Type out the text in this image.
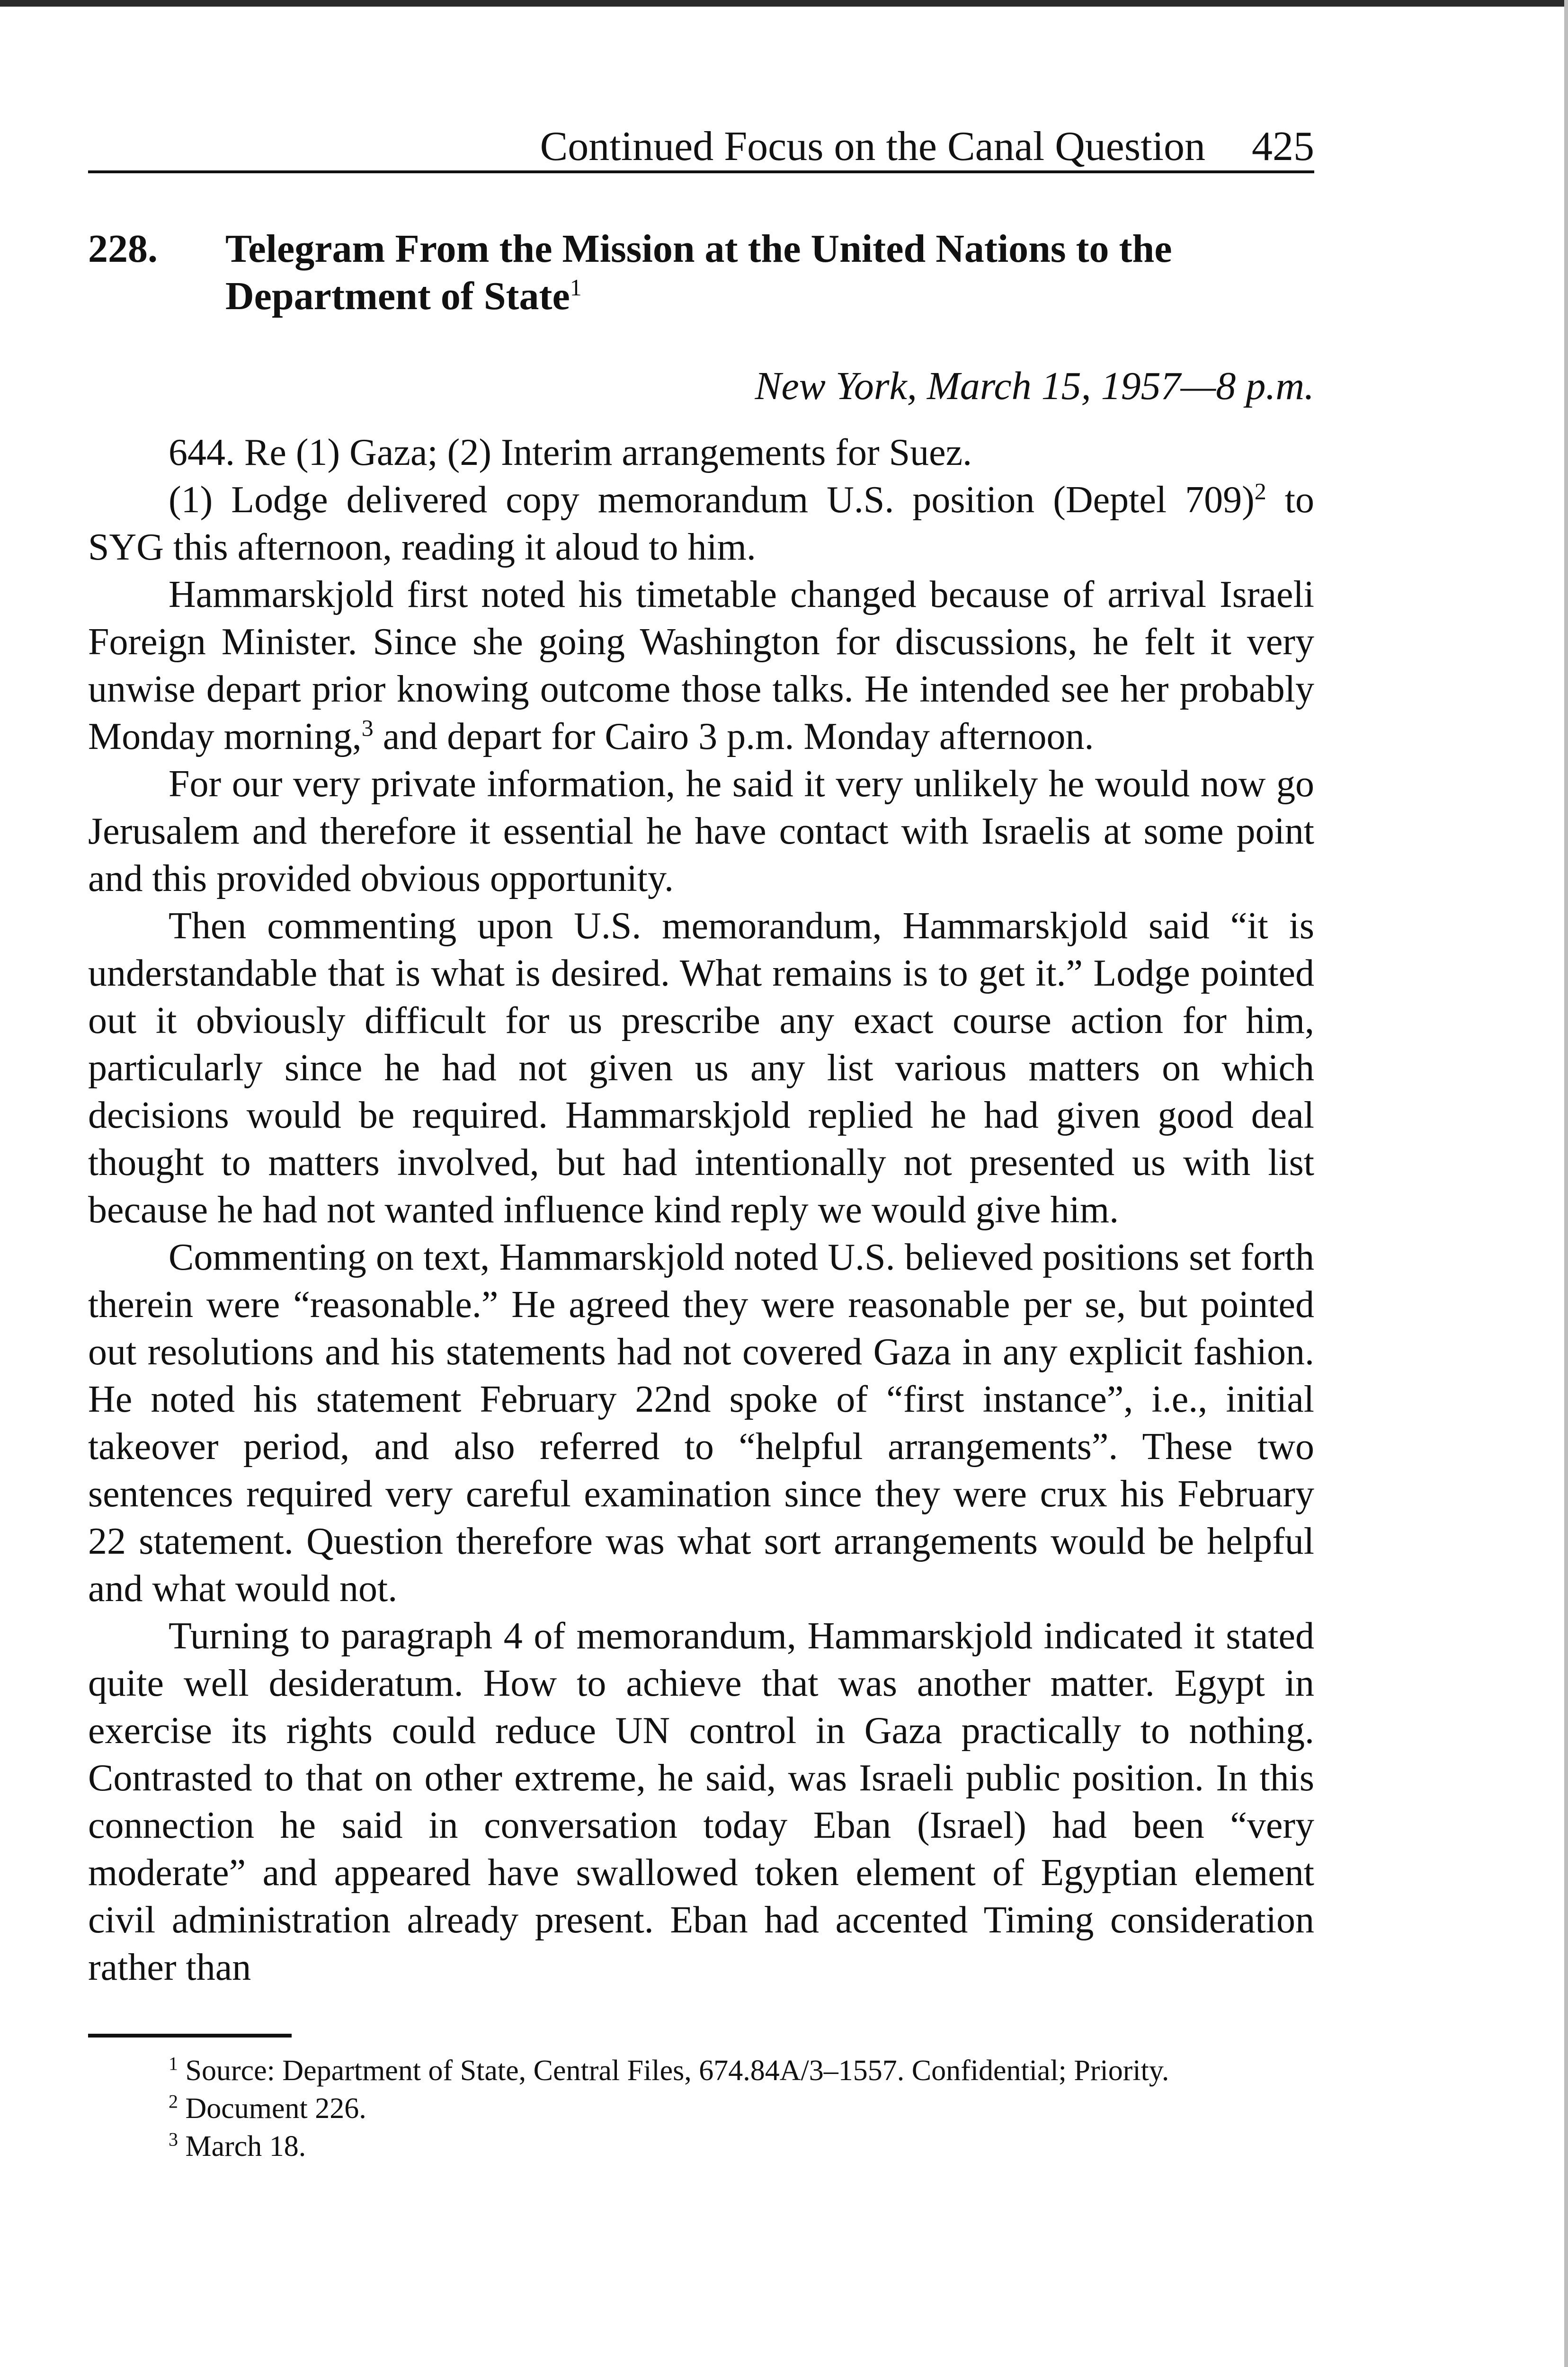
Continued Focus on the Canal Question 425
228. Telegram From the Mission at the United Nations to the Department of State$^1$
New York, March 15, 1957—8 p.m.

644. Re (1) Gaza; (2) Interim arrangements for Suez.

(1) Lodge delivered copy memorandum U.S. position (Deptel 709)$^2$ to SYG this afternoon, reading it aloud to him.

Hammarskjold first noted his timetable changed because of arrival Israeli Foreign Minister. Since she going Washington for discussions, he felt it very unwise depart prior knowing outcome those talks. He intended see her probably Monday morning,$^3$ and depart for Cairo 3 p.m. Monday afternoon.

For our very private information, he said it very unlikely he would now go Jerusalem and therefore it essential he have contact with Israelis at some point and this provided obvious opportunity.

Then commenting upon U.S. memorandum, Hammarskjold said “it is understandable that is what is desired. What remains is to get it.” Lodge pointed out it obviously difficult for us prescribe any exact course action for him, particularly since he had not given us any list various matters on which decisions would be required. Hammarskjold replied he had given good deal thought to matters involved, but had intentionally not presented us with list because he had not wanted influence kind reply we would give him.

Commenting on text, Hammarskjold noted U.S. believed positions set forth therein were “reasonable.” He agreed they were reasonable per se, but pointed out resolutions and his statements had not covered Gaza in any explicit fashion. He noted his statement February 22nd spoke of “first instance”, i.e., initial takeover period, and also referred to “helpful arrangements”. These two sentences required very careful examination since they were crux his February 22 statement. Question therefore was what sort arrangements would be helpful and what would not.

Turning to paragraph 4 of memorandum, Hammarskjold indicated it stated quite well desideratum. How to achieve that was another matter. Egypt in exercise its rights could reduce UN control in Gaza practically to nothing. Contrasted to that on other extreme, he said, was Israeli public position. In this connection he said in conversation today Eban (Israel) had been “very moderate” and appeared have swallowed token element of Egyptian element civil administration already present. Eban had accented Timing consideration rather than

$^1$ Source: Department of State, Central Files, 674.84A/3–1557. Confidential; Priority.

$^2$ Document 226.

$^3$ March 18.
